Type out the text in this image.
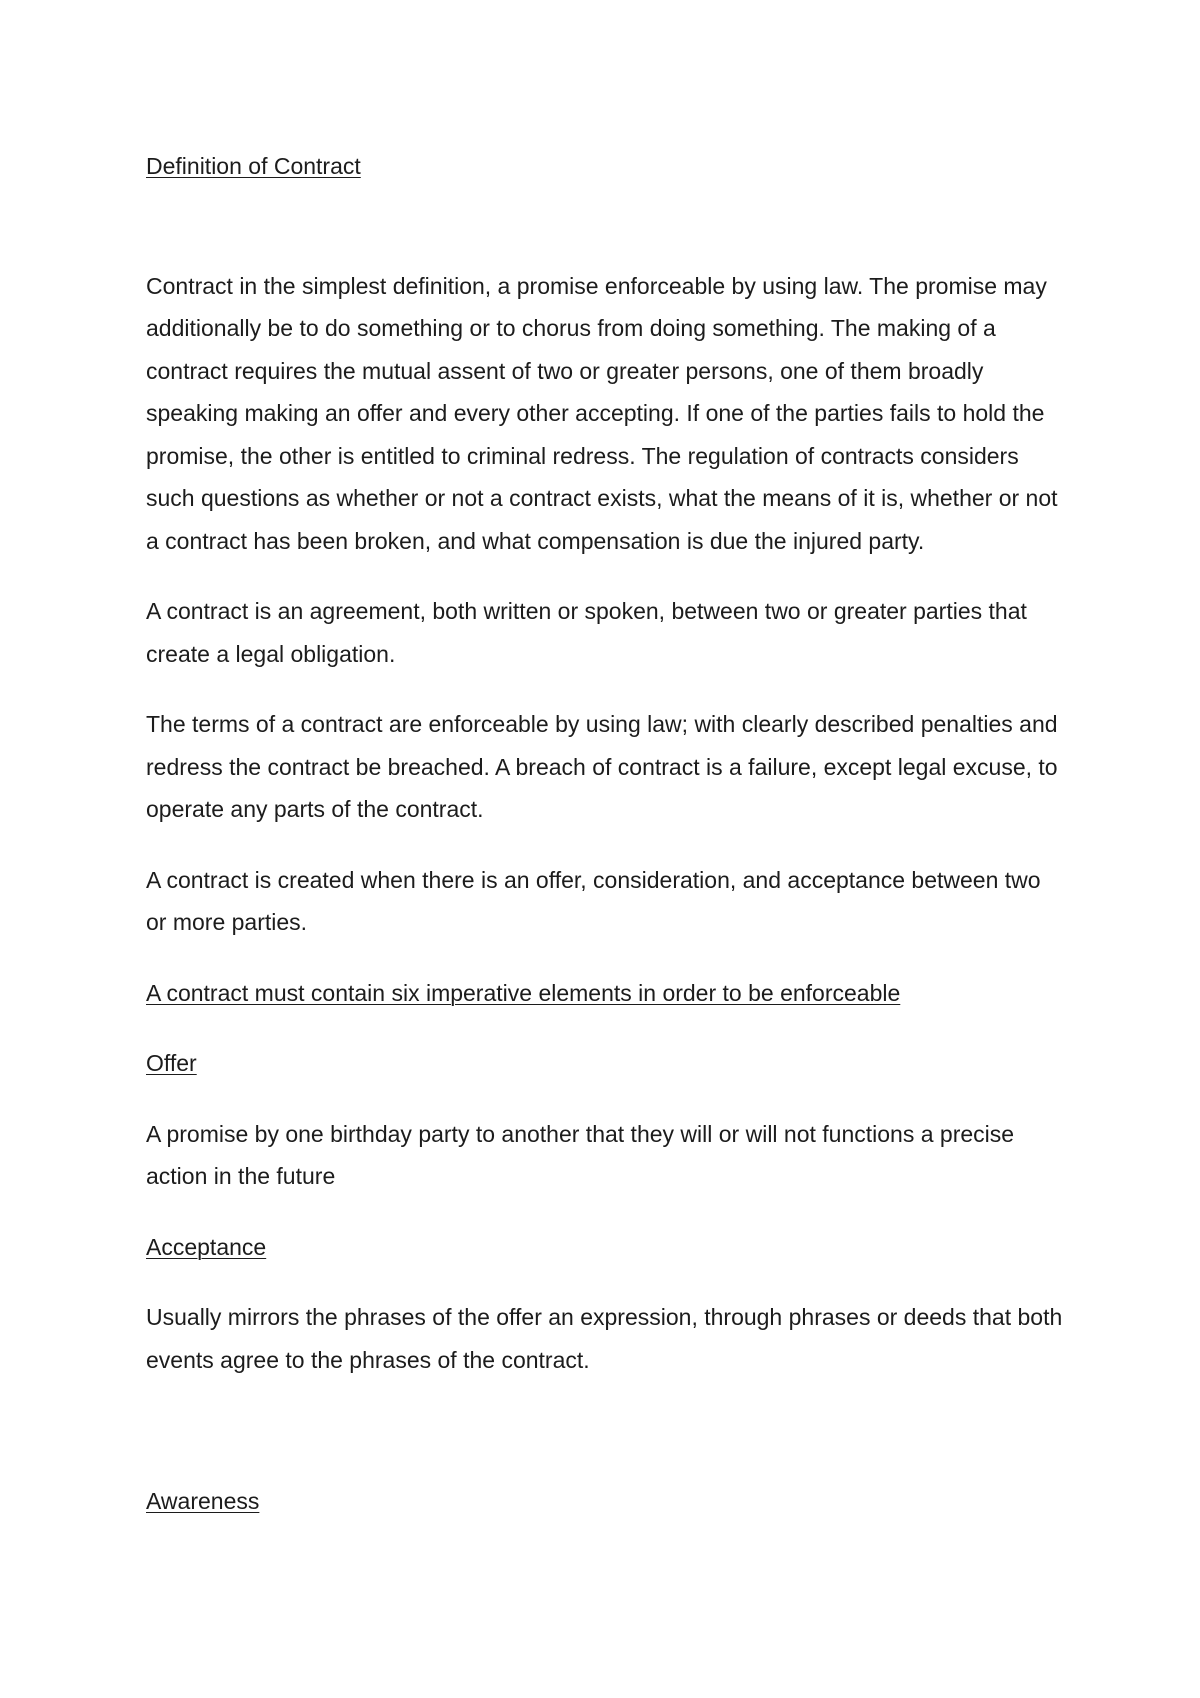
Definition of Contract

Contract in the simplest definition, a promise enforceable by using law. The promise may additionally be to do something or to chorus from doing something. The making of a contract requires the mutual assent of two or greater persons, one of them broadly speaking making an offer and every other accepting. If one of the parties fails to hold the promise, the other is entitled to criminal redress. The regulation of contracts considers such questions as whether or not a contract exists, what the means of it is, whether or not a contract has been broken, and what compensation is due the injured party.

A contract is an agreement, both written or spoken, between two or greater parties that create a legal obligation.

The terms of a contract are enforceable by using law; with clearly described penalties and redress the contract be breached. A breach of contract is a failure, except legal excuse, to operate any parts of the contract.

A contract is created when there is an offer, consideration, and acceptance between two or more parties.

A contract must contain six imperative elements in order to be enforceable

Offer

A promise by one birthday party to another that they will or will not functions a precise action in the future

Acceptance

Usually mirrors the phrases of the offer an expression, through phrases or deeds that both events agree to the phrases of the contract.

Awareness
